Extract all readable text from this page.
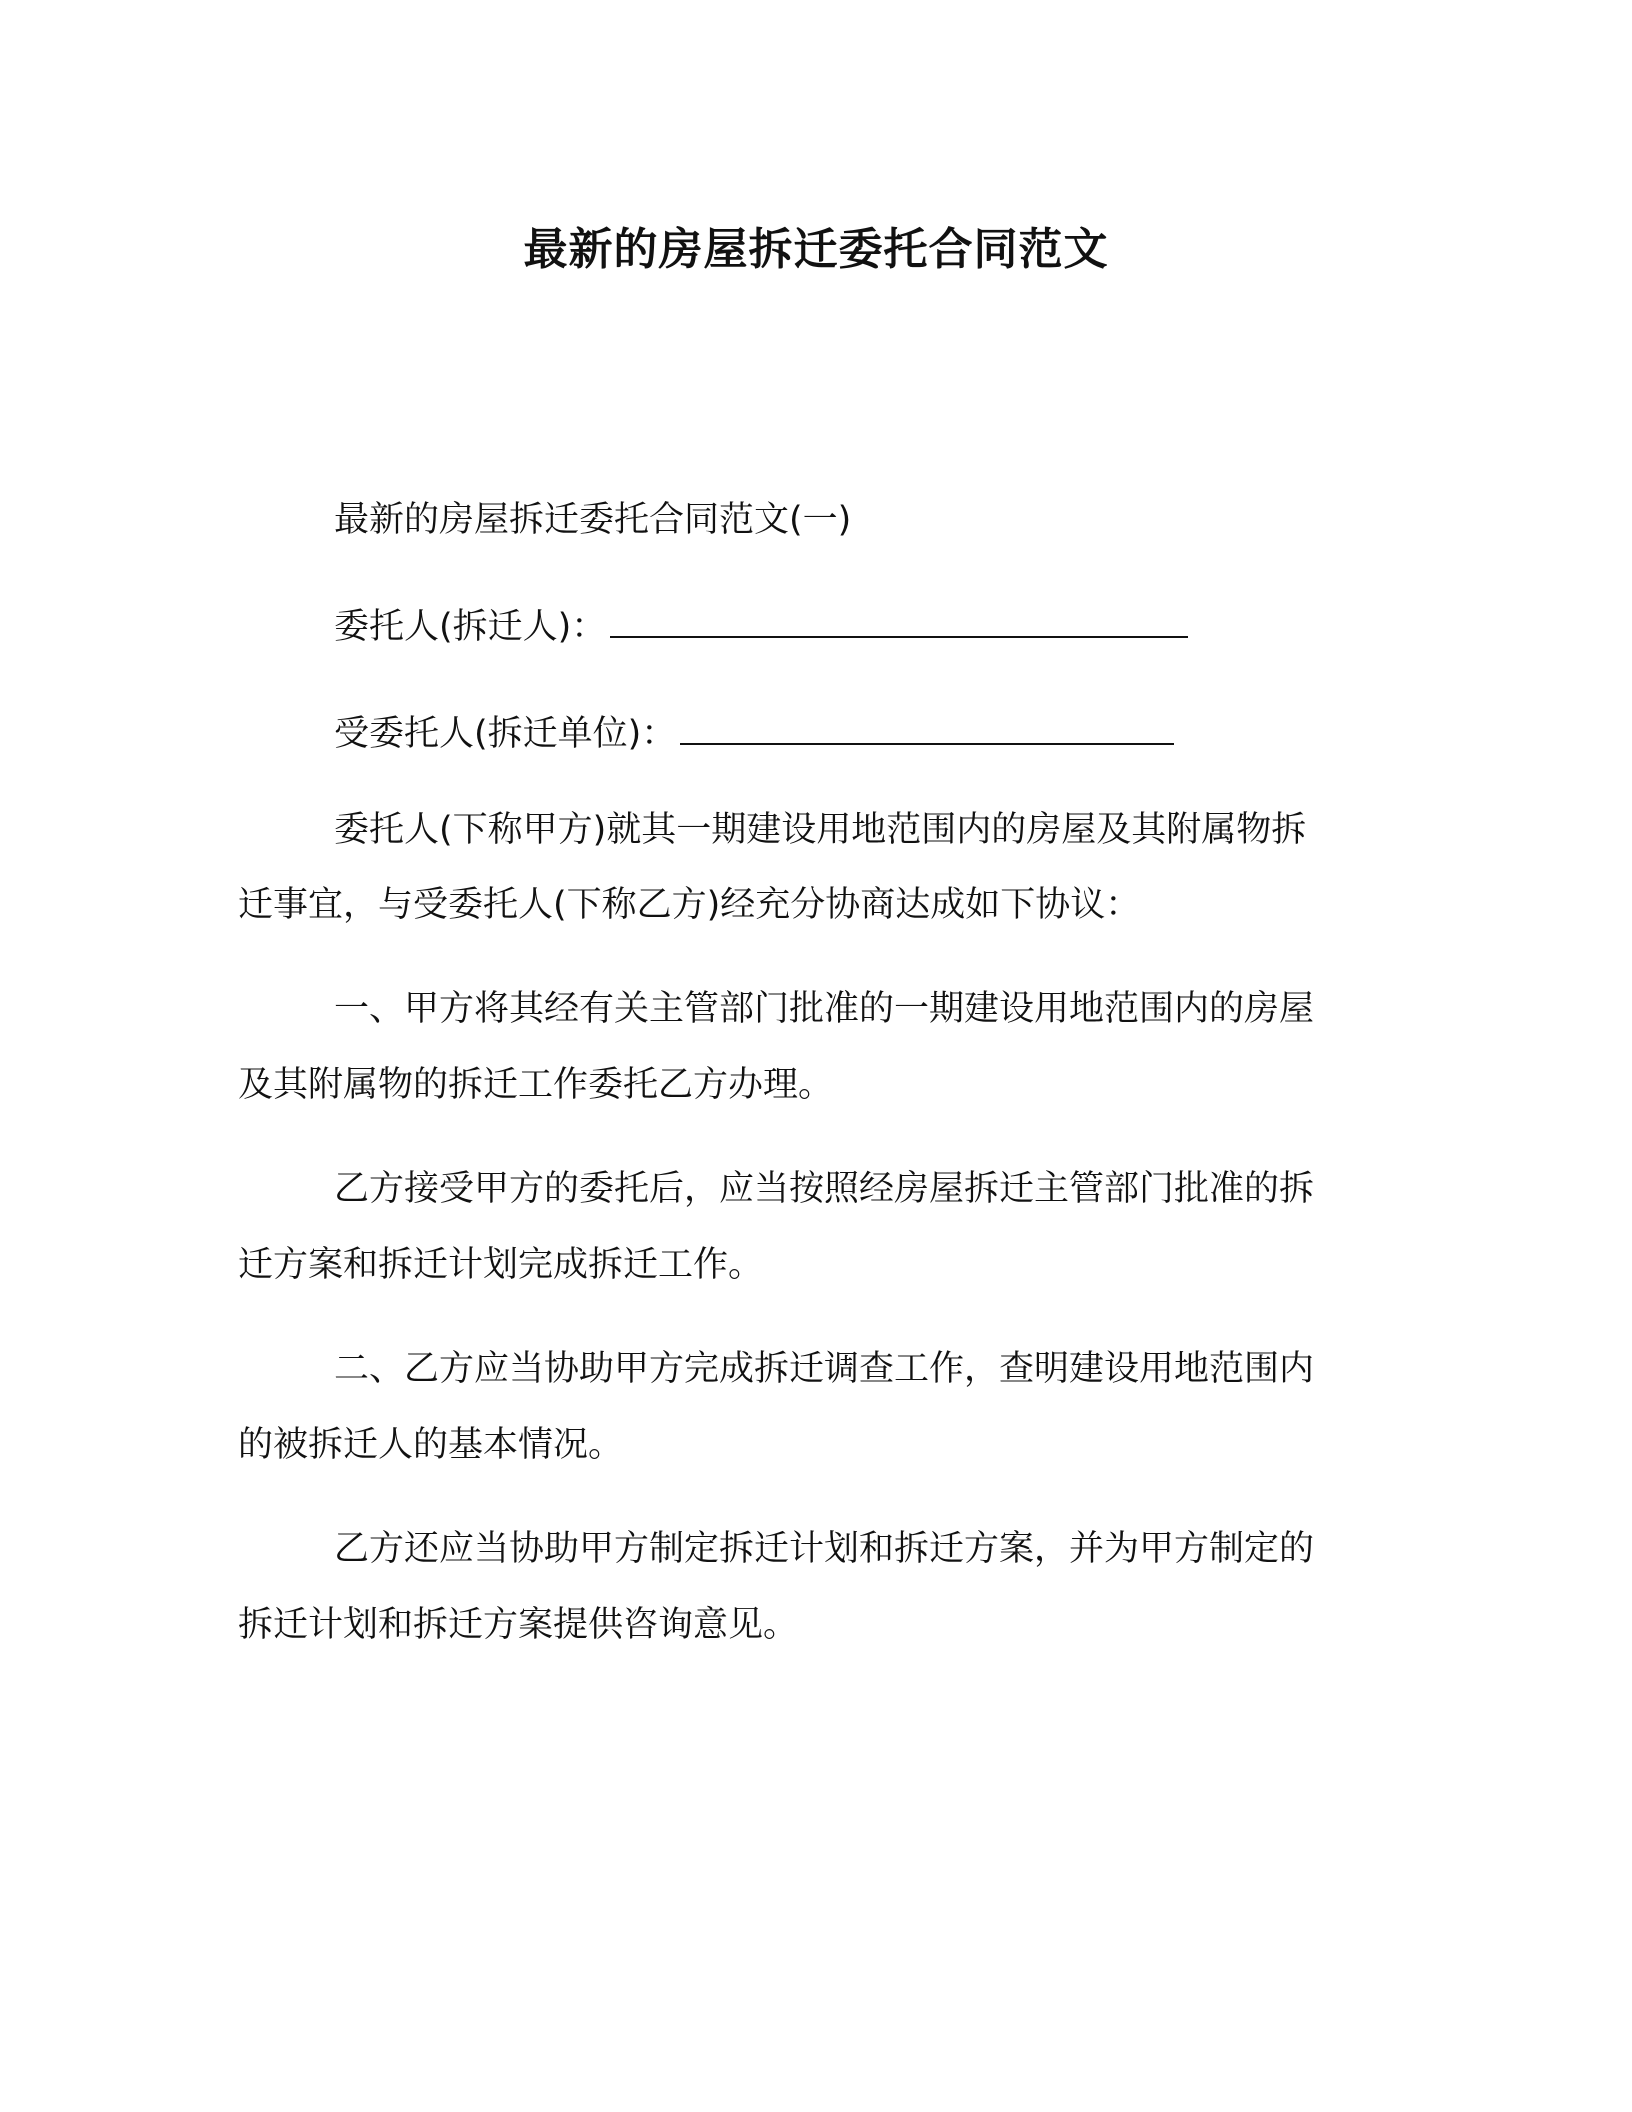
最新的房屋拆迁委托合同范文
最新的房屋拆迁委托合同范文(一)
委托人(拆迁人)：
受委托人(拆迁单位)：
委托人(下称甲方)就其一期建设用地范围内的房屋及其附属物拆
迁事宜，与受委托人(下称乙方)经充分协商达成如下协议：
一、甲方将其经有关主管部门批准的一期建设用地范围内的房屋
及其附属物的拆迁工作委托乙方办理。
乙方接受甲方的委托后，应当按照经房屋拆迁主管部门批准的拆
迁方案和拆迁计划完成拆迁工作。
二、乙方应当协助甲方完成拆迁调查工作，查明建设用地范围内
的被拆迁人的基本情况。
乙方还应当协助甲方制定拆迁计划和拆迁方案，并为甲方制定的
拆迁计划和拆迁方案提供咨询意见。
